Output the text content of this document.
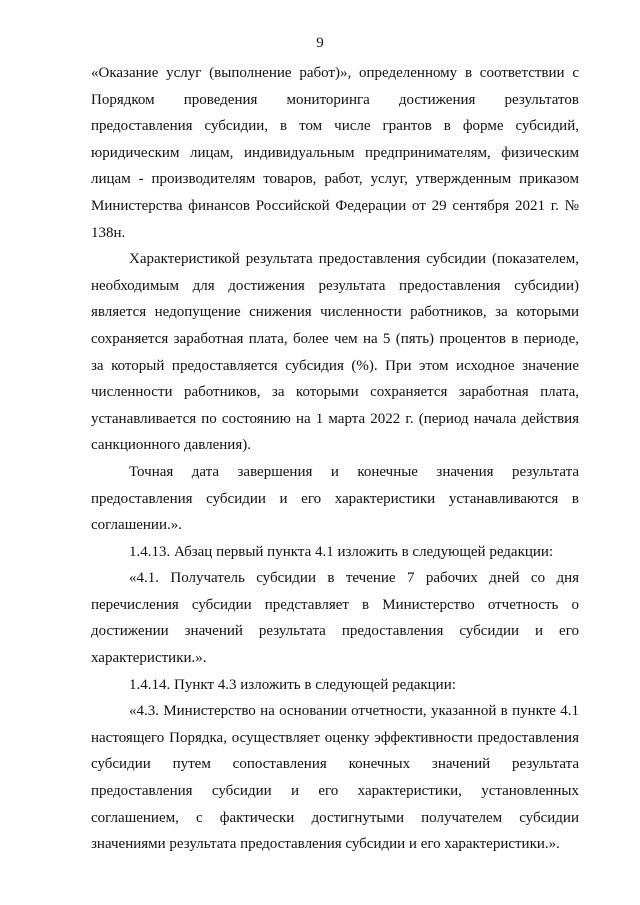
9

«Оказание услуг (выполнение работ)», определенному в соответствии с Порядком проведения мониторинга достижения результатов предоставления субсидии, в том числе грантов в форме субсидий, юридическим лицам, индивидуальным предпринимателям, физическим лицам - производителям товаров, работ, услуг, утвержденным приказом Министерства финансов Российской Федерации от 29 сентября 2021 г. № 138н.

Характеристикой результата предоставления субсидии (показателем, необходимым для достижения результата предоставления субсидии) является недопущение снижения численности работников, за которыми сохраняется заработная плата, более чем на 5 (пять) процентов в периоде, за который предоставляется субсидия (%). При этом исходное значение численности работников, за которыми сохраняется заработная плата, устанавливается по состоянию на 1 марта 2022 г. (период начала действия санкционного давления).

Точная дата завершения и конечные значения результата предоставления субсидии и его характеристики устанавливаются в соглашении.».

1.4.13. Абзац первый пункта 4.1 изложить в следующей редакции:

«4.1. Получатель субсидии в течение 7 рабочих дней со дня перечисления субсидии представляет в Министерство отчетность о достижении значений результата предоставления субсидии и его характеристики.».

1.4.14. Пункт 4.3 изложить в следующей редакции:

«4.3. Министерство на основании отчетности, указанной в пункте 4.1 настоящего Порядка, осуществляет оценку эффективности предоставления субсидии путем сопоставления конечных значений результата предоставления субсидии и его характеристики, установленных соглашением, с фактически достигнутыми получателем субсидии значениями результата предоставления субсидии и его характеристики.».
